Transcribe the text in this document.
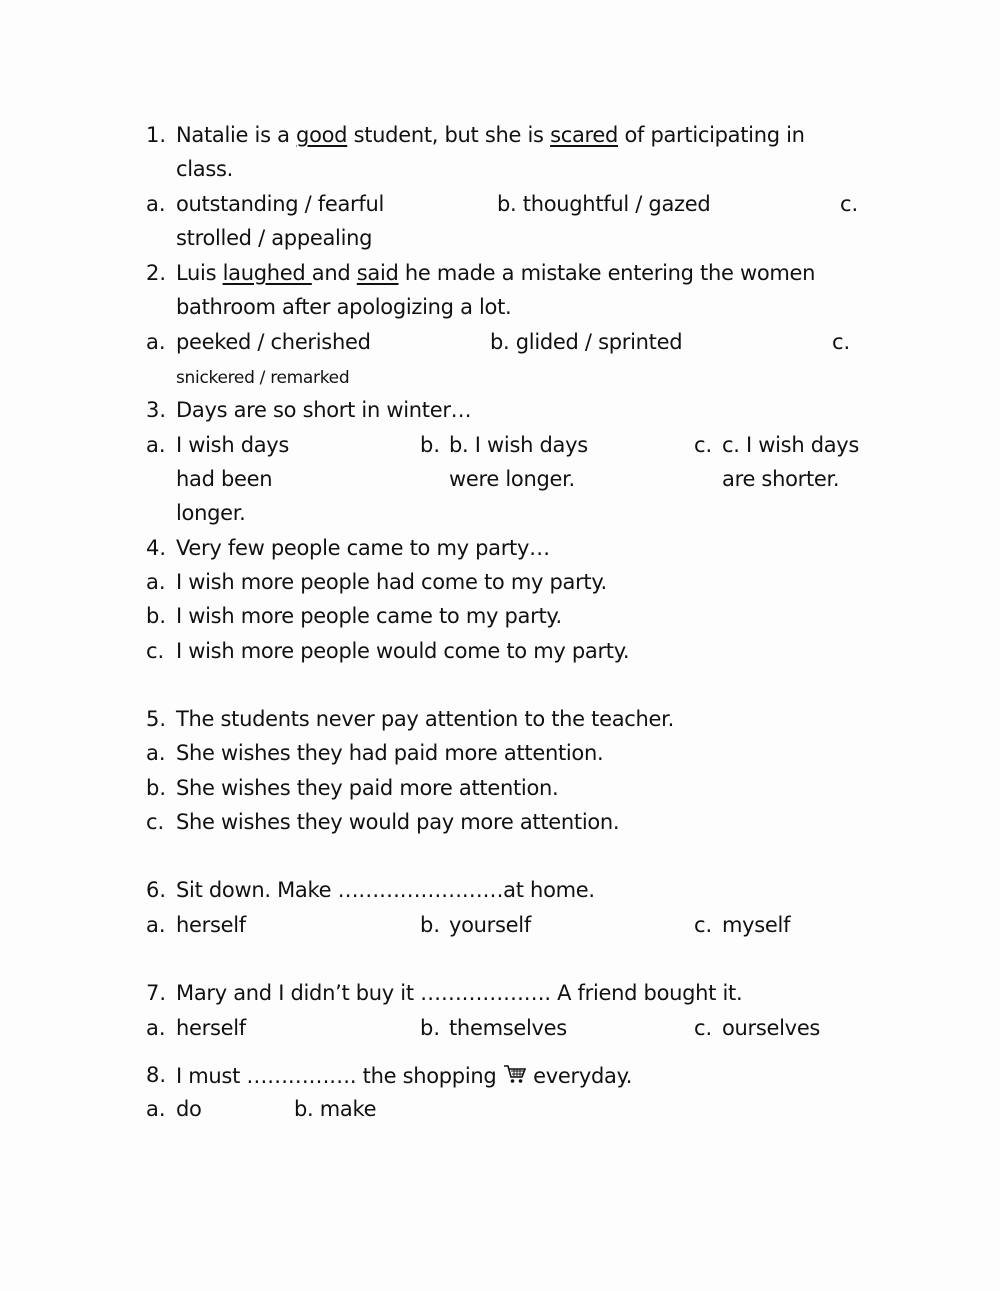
1. Natalie is a good student, but she is scared of participating in
class.
a. outstanding / fearful	b. thoughtful / gazed	c.
strolled / appealing
2. Luis laughed and said he made a mistake entering the women
bathroom after apologizing a lot.
a. peeked / cherished	b. glided / sprinted	c.
snickered / remarked
3. Days are so short in winter…
a. I wish days
had been
longer.
b. b. I wish days
were longer.
c. c. I wish days
are shorter.
4. Very few people came to my party…
a. I wish more people had come to my party.
b. I wish more people came to my party.
c. I wish more people would come to my party.
5. The students never pay attention to the teacher.
a. She wishes they had paid more attention.
b. She wishes they paid more attention.
c. She wishes they would pay more attention.
6. Sit down. Make ……………………at home.
a. herself	b. yourself	c. myself
7. Mary and I didn’t buy it ………………. A friend bought it.
a. herself	b. themselves	c. ourselves
8. I must ……………. the shopping  everyday.
a. do	b. make
